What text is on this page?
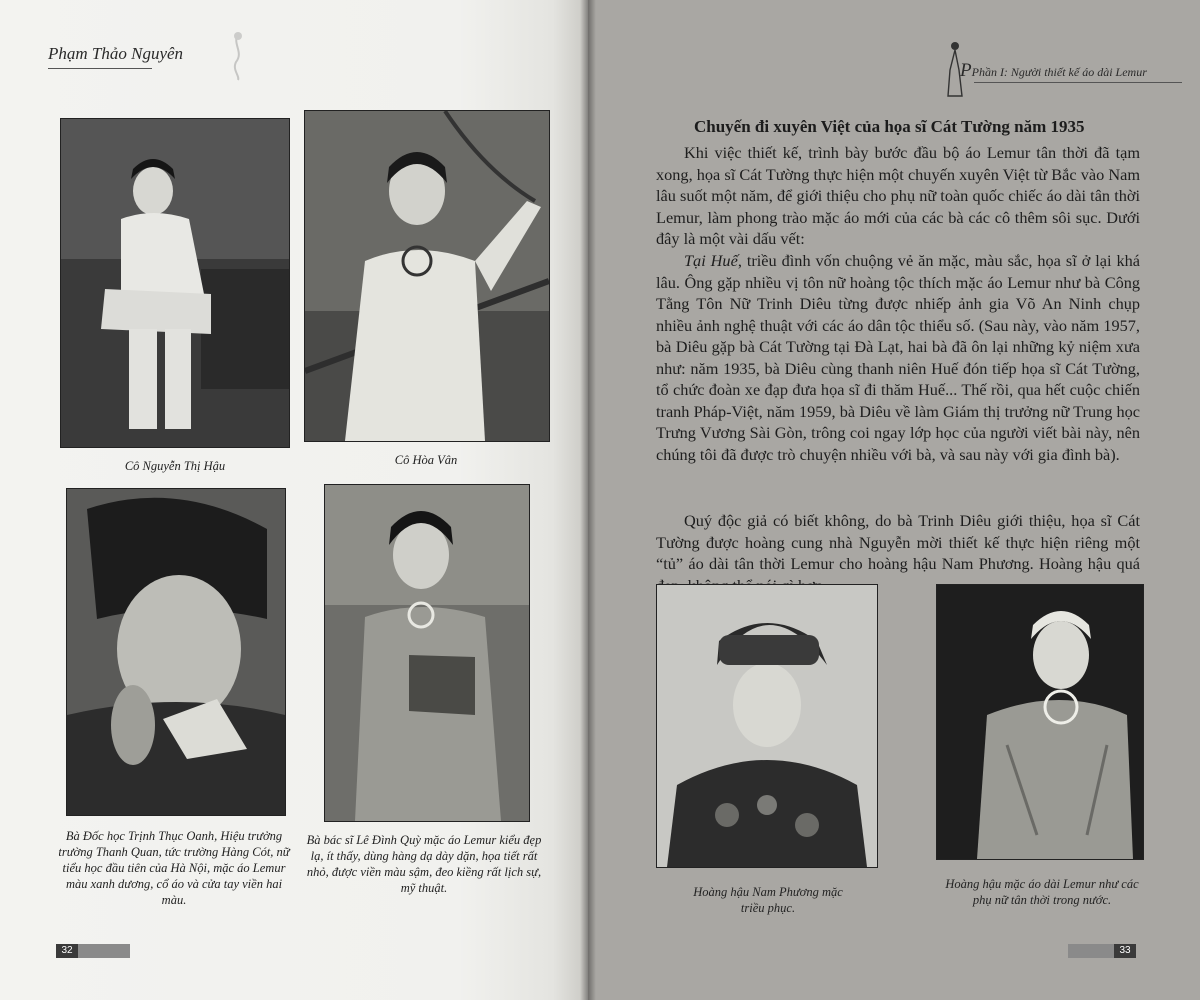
Phạm Thảo Nguyên
Cô Nguyễn Thị Hậu	Cô Hòa Vân
Bà Đốc học Trịnh Thục Oanh, Hiệu trưởng trường Thanh Quan, tức trường Hàng Cót, nữ tiểu học đầu tiên của Hà Nội, mặc áo Lemur màu xanh dương, cổ áo và cửa tay viền hai màu.
Bà bác sĩ Lê Đình Quỳ mặc áo Lemur kiểu đẹp lạ, ít thấy, dùng hàng dạ dày dặn, họa tiết rất nhỏ, được viền màu sậm, đeo kiềng rất lịch sự, mỹ thuật.
32
PPhần I: Người thiết kế áo dài Lemur
Chuyến đi xuyên Việt của họa sĩ Cát Tường năm 1935

Khi việc thiết kế, trình bày bước đầu bộ áo Lemur tân thời đã tạm xong, họa sĩ Cát Tường thực hiện một chuyến xuyên Việt từ Bắc vào Nam lâu suốt một năm, để giới thiệu cho phụ nữ toàn quốc chiếc áo dài tân thời Lemur, làm phong trào mặc áo mới của các bà các cô thêm sôi sục. Dưới đây là một vài dấu vết:

Tại Huế, triều đình vốn chuộng vẻ ăn mặc, màu sắc, họa sĩ ở lại khá lâu. Ông gặp nhiều vị tôn nữ hoàng tộc thích mặc áo Lemur như bà Công Tằng Tôn Nữ Trinh Diêu từng được nhiếp ảnh gia Võ An Ninh chụp nhiều ảnh nghệ thuật với các áo dân tộc thiểu số. (Sau này, vào năm 1957, bà Diêu gặp bà Cát Tường tại Đà Lạt, hai bà đã ôn lại những kỷ niệm xưa như: năm 1935, bà Diêu cùng thanh niên Huế đón tiếp họa sĩ Cát Tường, tổ chức đoàn xe đạp đưa họa sĩ đi thăm Huế... Thế rồi, qua hết cuộc chiến tranh Pháp-Việt, năm 1959, bà Diêu về làm Giám thị trưởng nữ Trung học Trưng Vương Sài Gòn, trông coi ngay lớp học của người viết bài này, nên chúng tôi đã được trò chuyện nhiều với bà, và sau này với gia đình bà).

Quý độc giả có biết không, do bà Trinh Diêu giới thiệu, họa sĩ Cát Tường được hoàng cung nhà Nguyễn mời thiết kế thực hiện riêng một “tủ” áo dài tân thời Lemur cho hoàng hậu Nam Phương. Hoàng hậu quá

Hoàng hậu Nam Phương mặc triều phục.
Hoàng hậu mặc áo dài Lemur như các phụ nữ tân thời trong nước.
33
